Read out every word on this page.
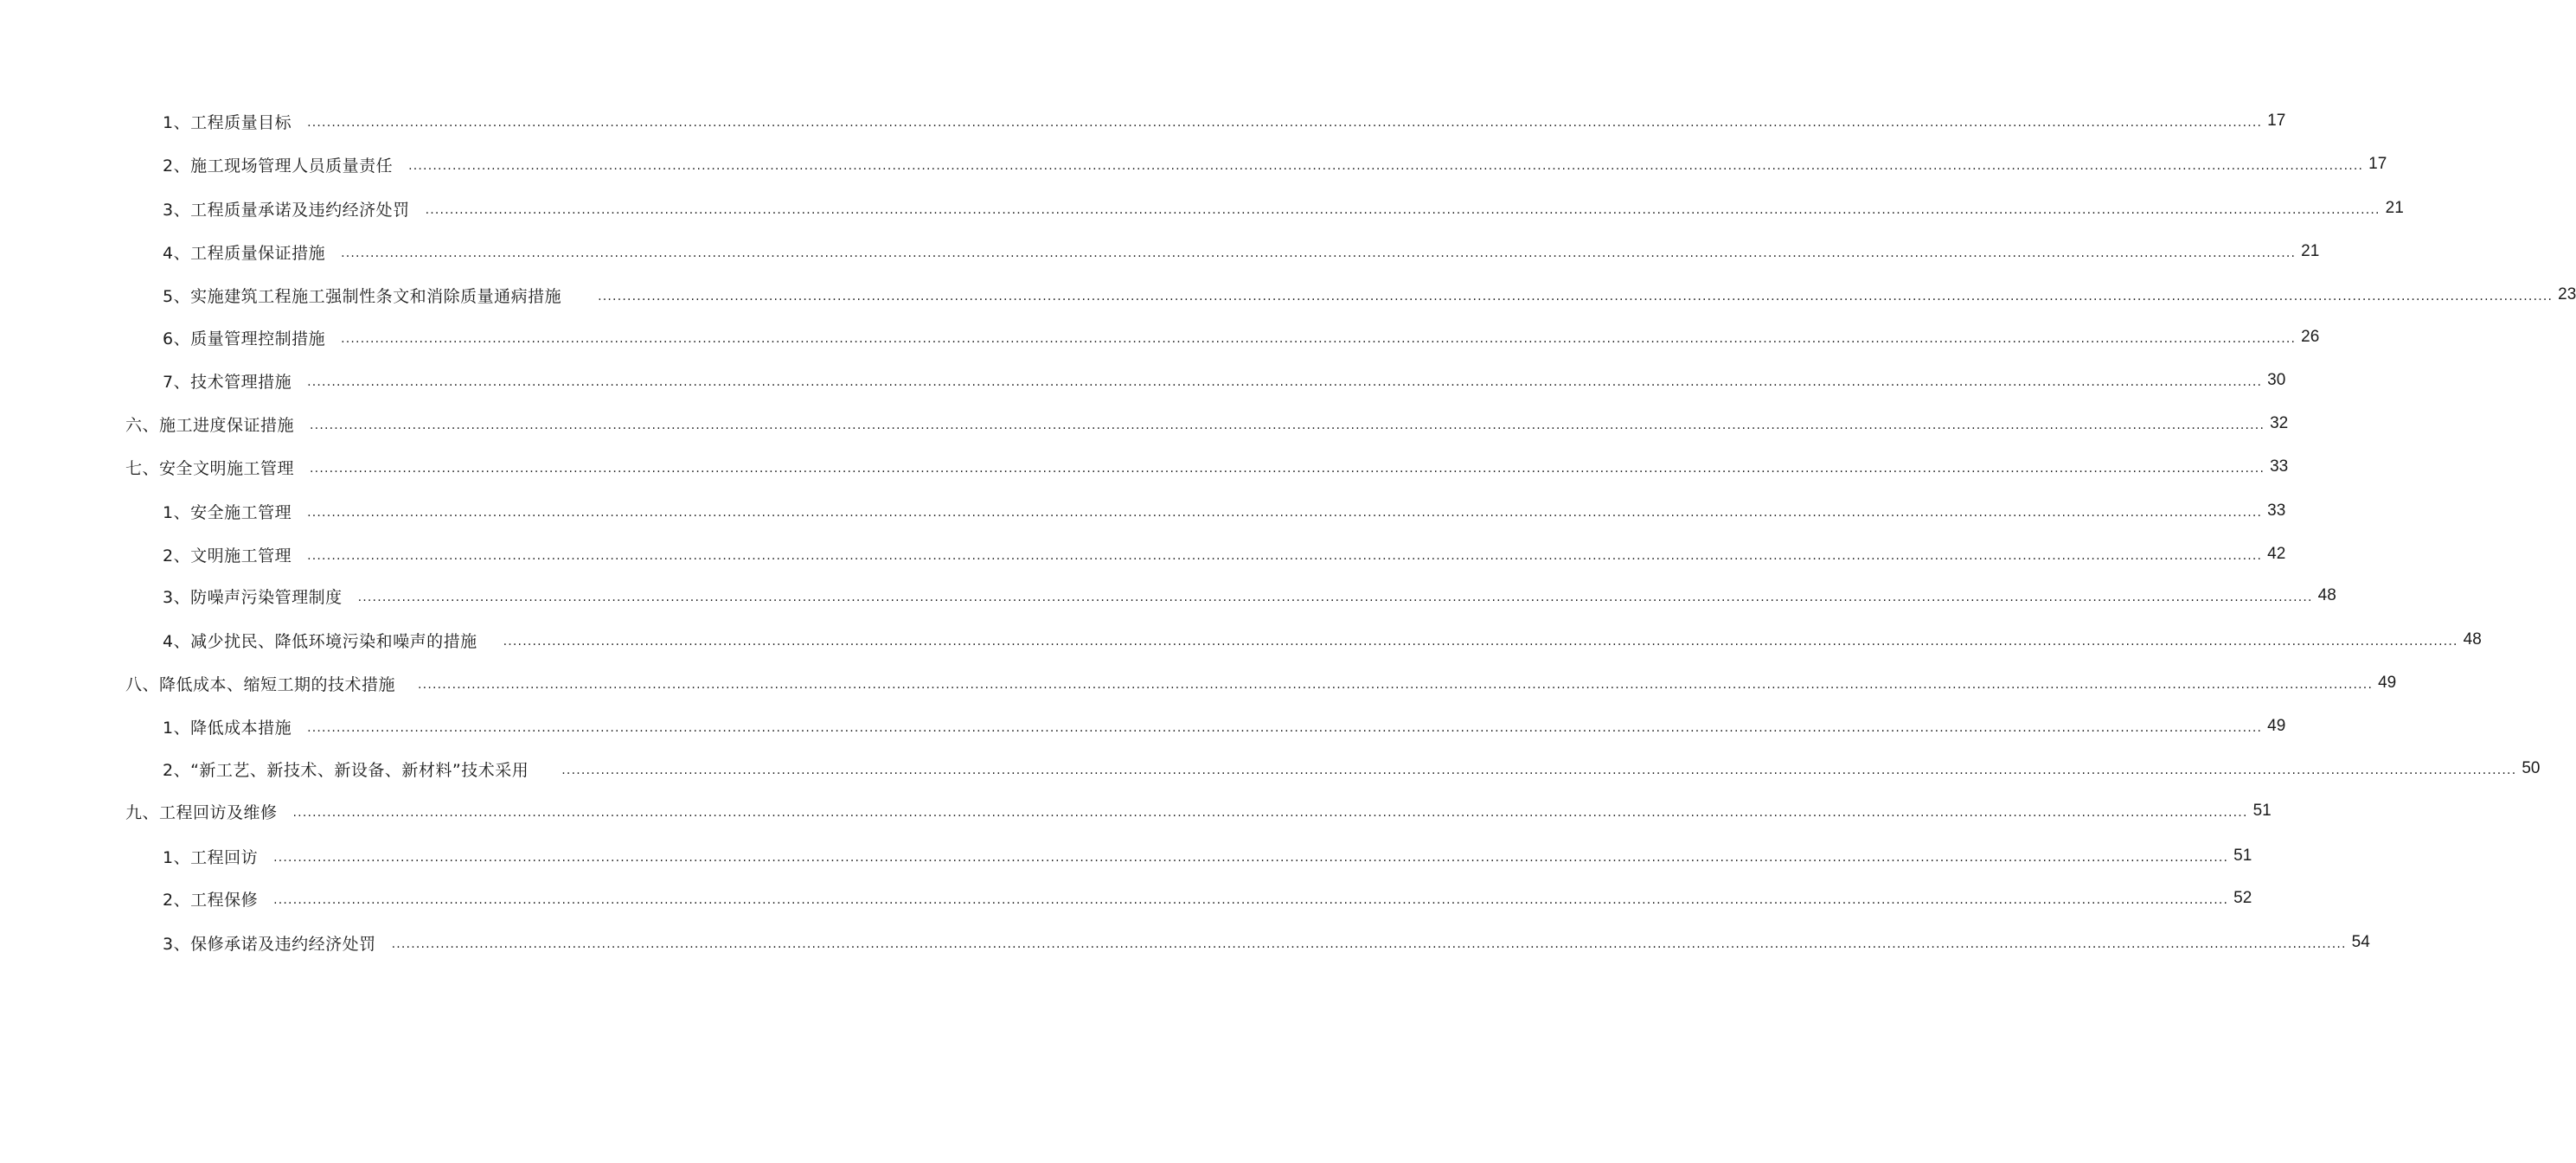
1、工程质量目标 ................................................................................................................................................................................................................................................................................................................................................................................................................ 17
2、施工现场管理人员质量责任 ................................................................................................................................................................................................................................................................................................................................................................................................................ 17
3、工程质量承诺及违约经济处罚 ................................................................................................................................................................................................................................................................................................................................................................................................................ 21
4、工程质量保证措施 ................................................................................................................................................................................................................................................................................................................................................................................................................ 21
5、实施建筑工程施工强制性条文和消除质量通病措施	................................................................................................................................................................................................................................................................................................................................................................................................................ 23
6、质量管理控制措施 ................................................................................................................................................................................................................................................................................................................................................................................................................ 26
7、技术管理措施 ................................................................................................................................................................................................................................................................................................................................................................................................................ 30
六、施工进度保证措施 ................................................................................................................................................................................................................................................................................................................................................................................................................ 32
七、安全文明施工管理 ................................................................................................................................................................................................................................................................................................................................................................................................................ 33
1、安全施工管理 ................................................................................................................................................................................................................................................................................................................................................................................................................ 33
2、文明施工管理 ................................................................................................................................................................................................................................................................................................................................................................................................................ 42
3、防噪声污染管理制度 ................................................................................................................................................................................................................................................................................................................................................................................................................ 48
4、减少扰民、降低环境污染和噪声的措施 ................................................................................................................................................................................................................................................................................................................................................................................................................ 48
八、降低成本、缩短工期的技术措施 ................................................................................................................................................................................................................................................................................................................................................................................................................ 49
1、降低成本措施 ................................................................................................................................................................................................................................................................................................................................................................................................................ 49
2、“新工艺、新技术、新设备、新材料”技术采用	................................................................................................................................................................................................................................................................................................................................................................................................................ 50
九、工程回访及维修 ................................................................................................................................................................................................................................................................................................................................................................................................................ 51
1、工程回访 ................................................................................................................................................................................................................................................................................................................................................................................................................ 51
2、工程保修 ................................................................................................................................................................................................................................................................................................................................................................................................................ 52
3、保修承诺及违约经济处罚 ................................................................................................................................................................................................................................................................................................................................................................................................................ 54
